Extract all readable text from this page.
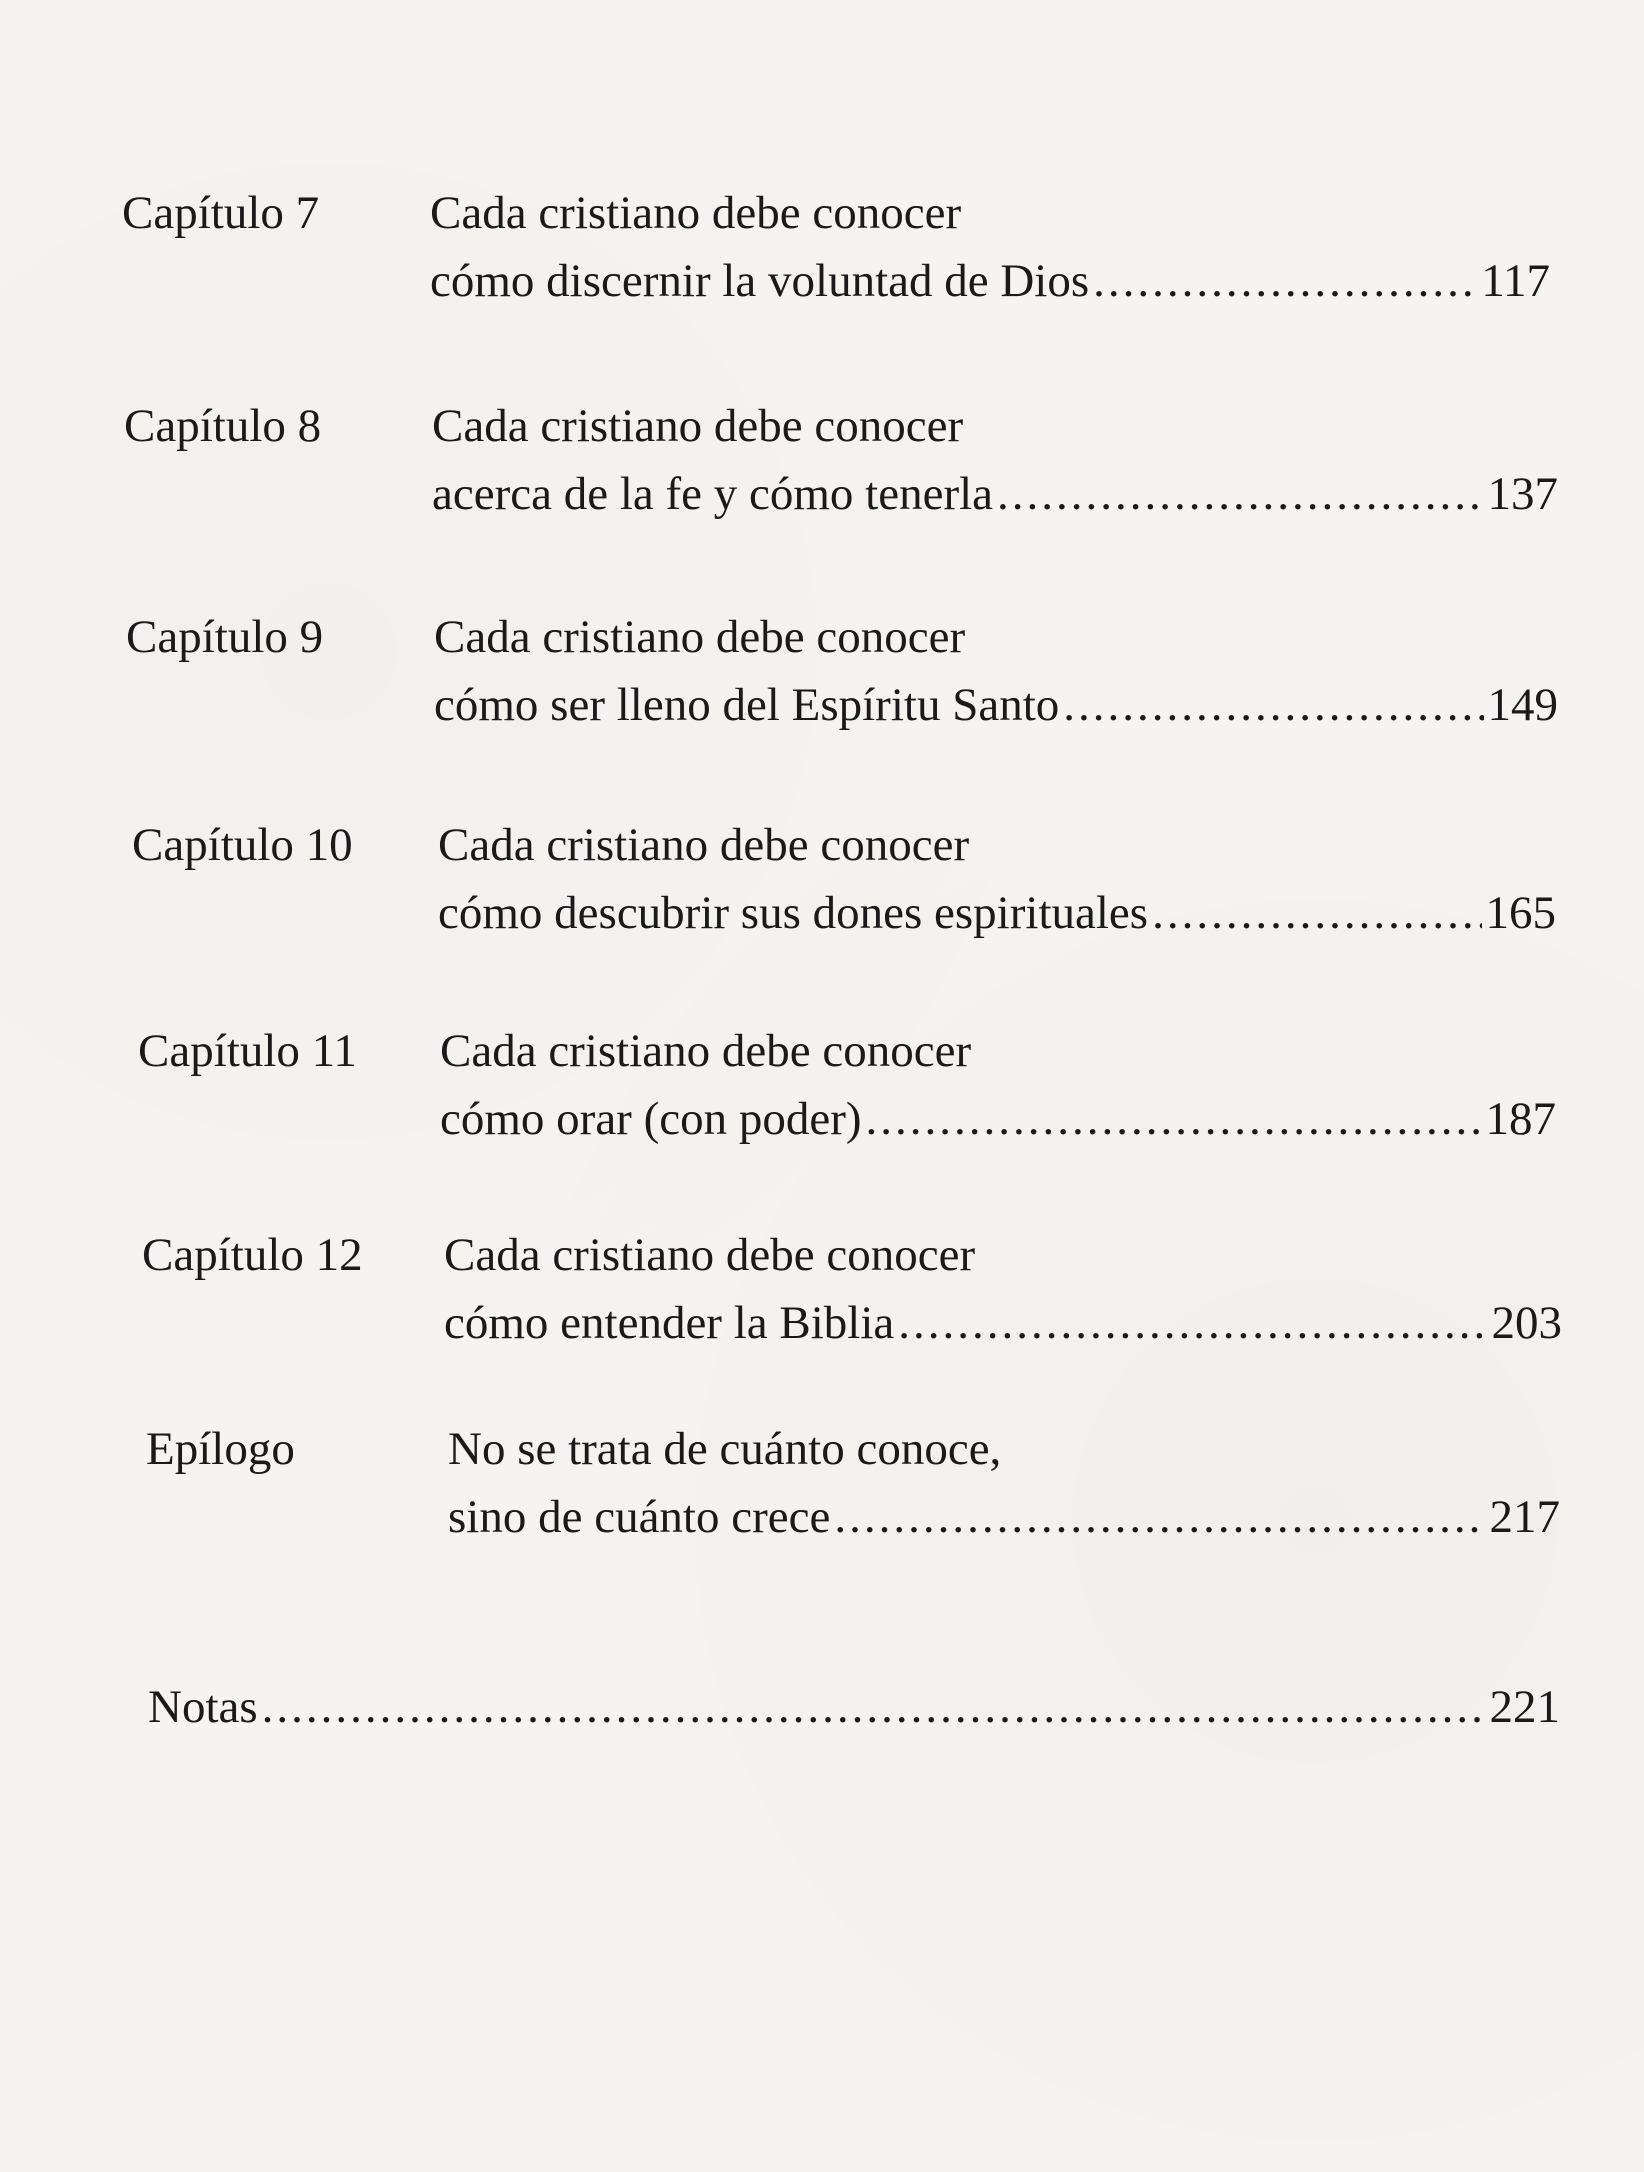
Capítulo 7 Cada cristiano debe conocer
cómo discernir la voluntad de Dios .....	117
Capítulo 8 Cada cristiano debe conocer
acerca de la fe y cómo tenerla .....	137
Capítulo 9 Cada cristiano debe conocer
cómo ser lleno del Espíritu Santo .....	149
Capítulo 10 Cada cristiano debe conocer
cómo descubrir sus dones espirituales .....	165
Capítulo 11 Cada cristiano debe conocer
cómo orar (con poder) .....	187
Capítulo 12 Cada cristiano debe conocer
cómo entender la Biblia .....	203
Epílogo	No se trata de cuánto conoce,
sino de cuánto crece .....	217
Notas .....	221
